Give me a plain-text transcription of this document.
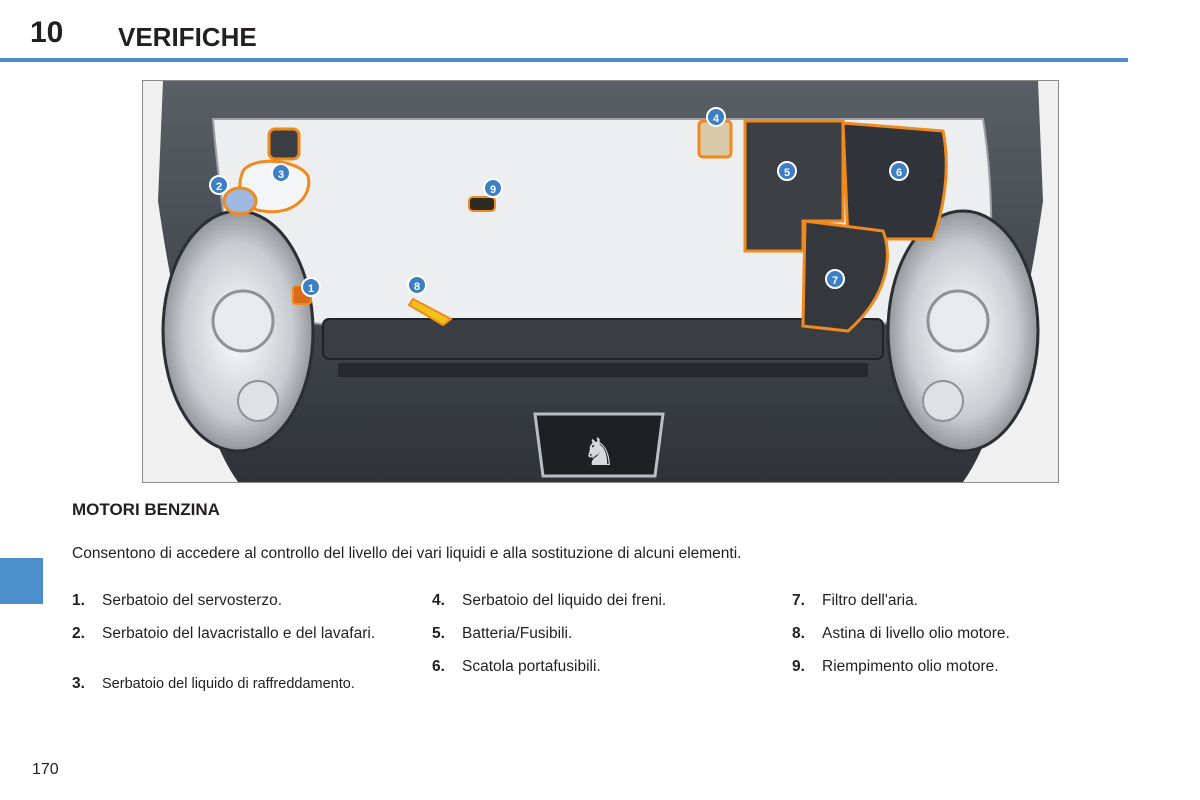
10 VERIFICHE
♞
1
2
3
4
5	6
7
8
9
MOTORI BENZINA
Consentono di accedere al controllo del livello dei vari liquidi e alla sostituzione di alcuni elementi.
1. Serbatoio del servosterzo.
2. Serbatoio del lavacristallo e del lavafari.
3. Serbatoio del liquido di raffreddamento.
4. Serbatoio del liquido dei freni.
5. Batteria/Fusibili.
6. Scatola portafusibili.
7. Filtro dell'aria.
8. Astina di livello olio motore.
9. Riempimento olio motore.
170
